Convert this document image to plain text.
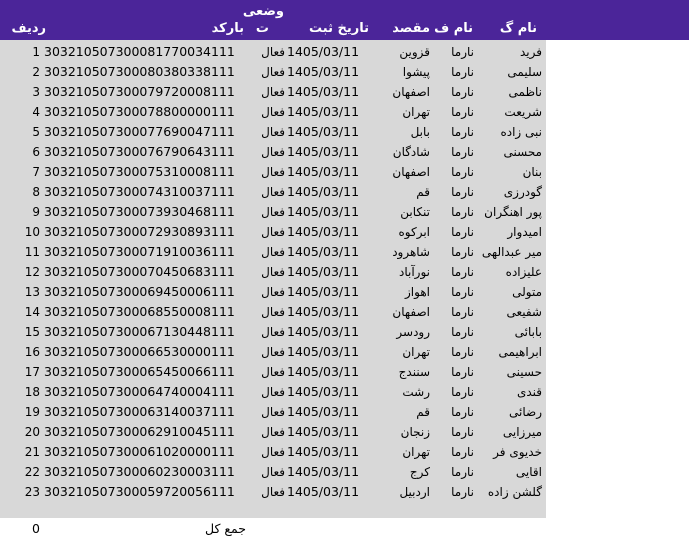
نام گ
نام ف
مقصد
تاریخ ثبت
وضعی
ت
بارکد
ردیف
فرید
نارما
قزوین
1405/03/11
فعال
303210507300081770034111
1
سلیمی
نارما
پیشوا
1405/03/11
فعال
303210507300080380338111
2
ناظمی
نارما
اصفهان
1405/03/11
فعال
303210507300079720008111
3
شریعت
نارما
تهران
1405/03/11
فعال
303210507300078800000111
4
نبی زاده
نارما
بابل
1405/03/11
فعال
303210507300077690047111
5
محسنی
نارما
شادگان
1405/03/11
فعال
303210507300076790643111
6
بنان
نارما
اصفهان
1405/03/11
فعال
303210507300075310008111
7
گودرزی
نارما
قم
1405/03/11
فعال
303210507300074310037111
8
پور اهنگران
نارما
تنکابن
1405/03/11
فعال
303210507300073930468111
9
امیدوار
نارما
ابرکوه
1405/03/11
فعال
303210507300072930893111
10
میر عبدالهی
نارما
شاهرود
1405/03/11
فعال
303210507300071910036111
11
علیزاده
نارما
نورآباد
1405/03/11
فعال
303210507300070450683111
12
متولی
نارما
اهواز
1405/03/11
فعال
303210507300069450006111
13
شفیعی
نارما
اصفهان
1405/03/11
فعال
303210507300068550008111
14
بابائی
نارما
رودسر
1405/03/11
فعال
303210507300067130448111
15
ابراهیمی
نارما
تهران
1405/03/11
فعال
303210507300066530000111
16
حسینی
نارما
سنندج
1405/03/11
فعال
303210507300065450066111
17
قندی
نارما
رشت
1405/03/11
فعال
303210507300064740004111
18
رضائی
نارما
قم
1405/03/11
فعال
303210507300063140037111
19
میرزایی
نارما
زنجان
1405/03/11
فعال
303210507300062910045111
20
خدیوی فر
نارما
تهران
1405/03/11
فعال
303210507300061020000111
21
اقایی
نارما
کرج
1405/03/11
فعال
303210507300060230003111
22
گلشن زاده
نارما
اردبیل
1405/03/11
فعال
303210507300059720056111
23
جمع کل
0
